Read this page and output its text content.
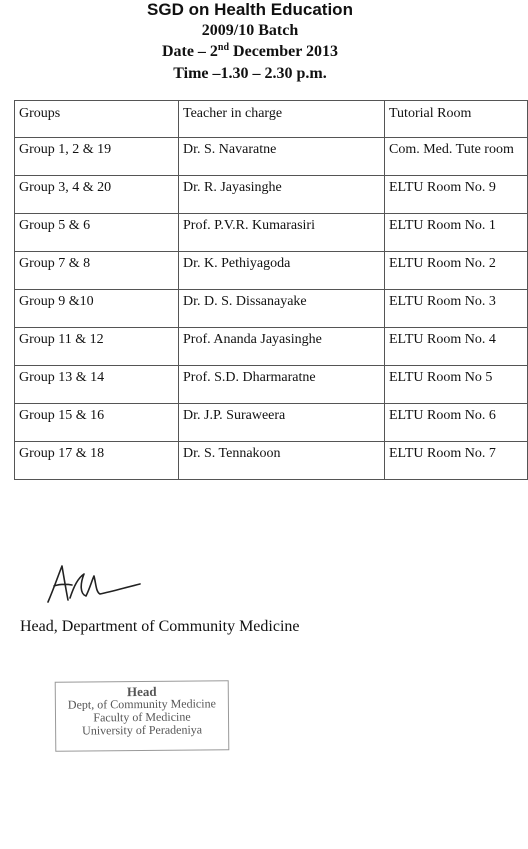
SGD on Health Education
2009/10 Batch
Date – 2nd December 2013
Time –1.30 – 2.30 p.m.
Groups	Teacher in charge	Tutorial Room
Group 1, 2 & 19	Dr. S. Navaratne	Com. Med. Tute room
Group 3, 4 & 20	Dr. R. Jayasinghe	ELTU Room No. 9
Group 5 & 6	Prof. P.V.R. Kumarasiri	ELTU Room No. 1
Group 7 & 8	Dr. K. Pethiyagoda	ELTU Room No. 2
Group 9 &10	Dr. D. S. Dissanayake	ELTU Room No. 3
Group 11 & 12	Prof. Ananda Jayasinghe	ELTU Room No. 4
Group 13 & 14	Prof. S.D. Dharmaratne	ELTU Room No 5
Group 15 & 16	Dr. J.P. Suraweera	ELTU Room No. 6
Group 17 & 18	Dr. S. Tennakoon	ELTU Room No. 7
Head, Department of Community Medicine
Head
Dept, of Community Medicine
Faculty of Medicine
University of Peradeniya
